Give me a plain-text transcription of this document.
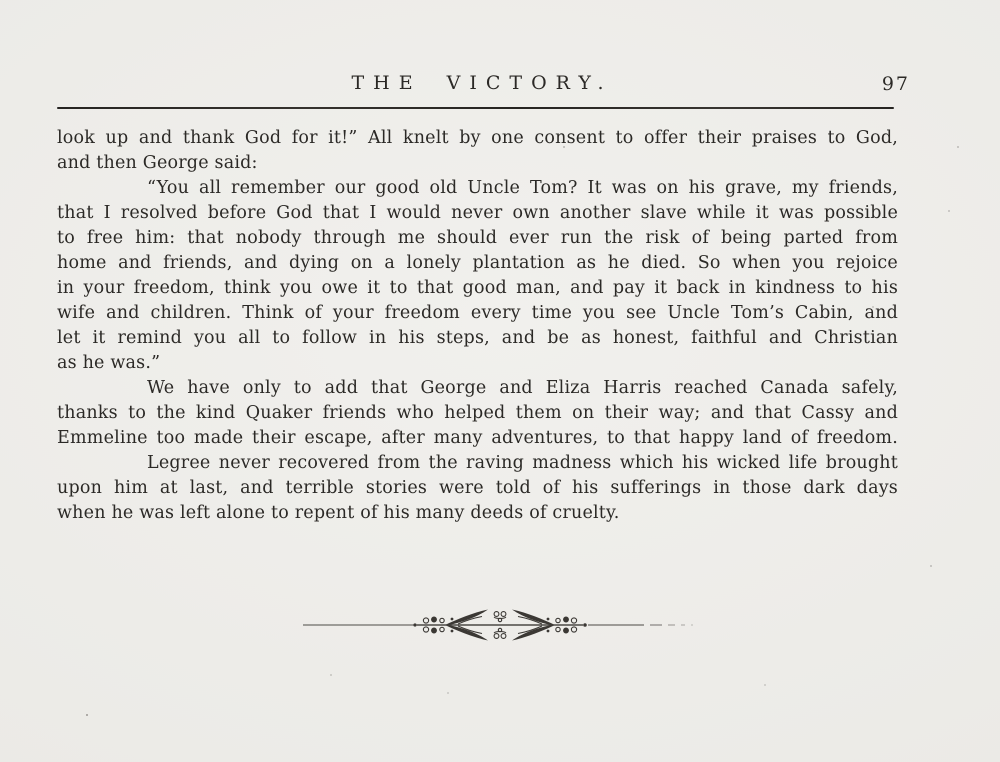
THE VICTORY.	97
look up and thank God for it!” All knelt by one consent to offer their praises to God,
and then George said:
“You all remember our good old Uncle Tom? It was on his grave, my friends,
that I resolved before God that I would never own another slave while it was possible
to free him: that nobody through me should ever run the risk of being parted from
home and friends, and dying on a lonely plantation as he died. So when you rejoice
in your freedom, think you owe it to that good man, and pay it back in kindness to his
wife and children. Think of your freedom every time you see Uncle Tom’s Cabin, and
let it remind you all to follow in his steps, and be as honest, faithful and Christian
as he was.”
We have only to add that George and Eliza Harris reached Canada safely,
thanks to the kind Quaker friends who helped them on their way; and that Cassy and
Emmeline too made their escape, after many adventures, to that happy land of freedom.
Legree never recovered from the raving madness which his wicked life brought
upon him at last, and terrible stories were told of his sufferings in those dark days
when he was left alone to repent of his many deeds of cruelty.
